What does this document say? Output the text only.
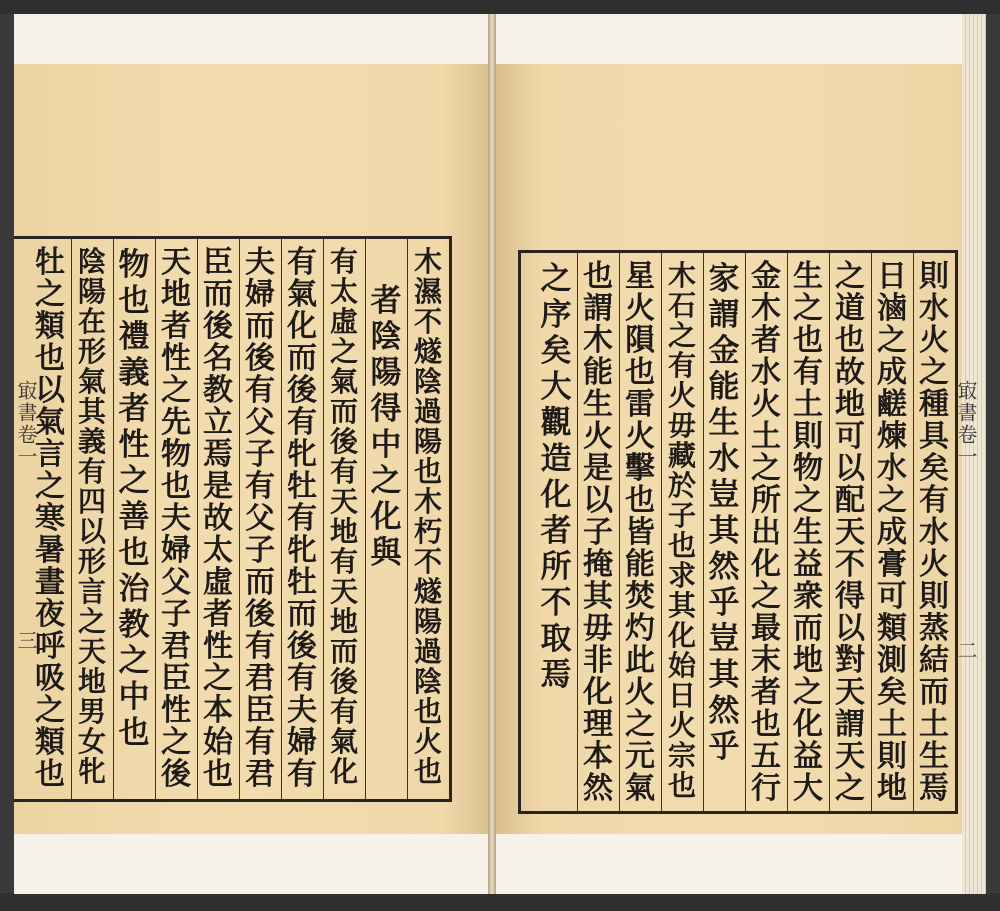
木
濕
不
燧
陰
過
陽
也
木
朽
不
燧
陽
過
陰
也
火
也
者
陰
陽
得
中
之
化
與
有
太
虛
之
氣
而
後
有
天
地
有
天
地
而
後
有
氣
化
有
氣
化
而
後
有
牝
牡
有
牝
牡
而
後
有
夫
婦
有
夫
婦
而
後
有
父
子
有
父
子
而
後
有
君
臣
有
君
臣
而
後
名
教
立
焉
是
故
太
虛
者
性
之
本
始
也
天
地
者
性
之
先
物
也
夫
婦
父
子
君
臣
性
之
後
物
也
禮
義
者
性
之
善
也
治
教
之
中
也
陰
陽
在
形
氣
其
義
有
四
以
形
言
之
天
地
男
女
牝
牡
之
類
也
以
氣
言
之
寒
暑
晝
夜
呼
吸
之
類
也
則
水
火
之
種
具
矣
有
水
火
則
蒸
結
而
土
生
焉
日
滷
之
成
鹺
煉
水
之
成
膏
可
類
測
矣
土
則
地
之
道
也
故
地
可
以
配
天
不
得
以
對
天
謂
天
之
生
之
也
有
土
則
物
之
生
益
衆
而
地
之
化
益
大
金
木
者
水
火
土
之
所
出
化
之
最
末
者
也
五
行
家
謂
金
能
生
水
豈
其
然
乎
豈
其
然
乎
木
石
之
有
火
毋
藏
於
子
也
求
其
化
始
日
火
宗
也
星
火
隕
也
雷
火
擊
也
皆
能
焚
灼
此
火
之
元
氣
也
謂
木
能
生
火
是
以
子
掩
其
毋
非
化
理
本
然
之
序
矣
大
觀
造
化
者
所
不
取
焉
㝡書卷一
三
㝡書卷一
二
